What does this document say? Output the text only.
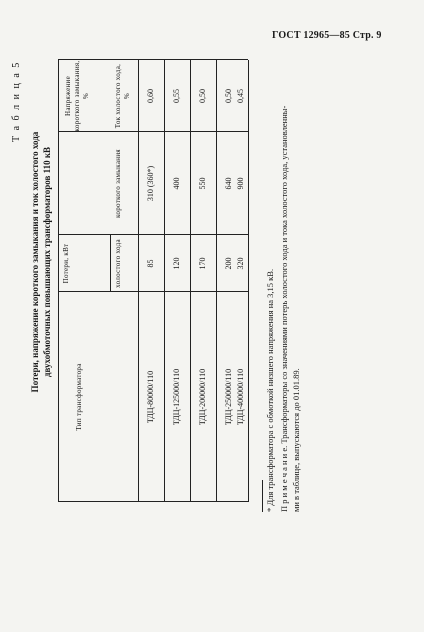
ГОСТ 12965—85 Стр. 9
Т а б л и ц а 5
Потери, напряжение короткого замыкания и ток холостого хода двухобмоточных повышающих трансформаторов 110 кВ
Тип трансформатора
Потери, кВт	холостого хода
короткого замыкания
Напряжение короткого замыкания, %	Ток холостого хода, %
ТДЦ-80000/110
85
310 (360*)
0,60
ТДЦ-125000/110
120
400
0,55
ТДЦ-200000/110
170
550
0,50
ТДЦ-250000/110
200
640
0,50
ТДЦ-400000/110
320
900
0,45
* Для трансформатора с обмоткой низшего напряжения на 3,15 кВ. П р и м е ч а н и е. Трансформаторы со значениями потерь холостого хода и тока холостого хода, установленны- ми в таблице, выпускаются до 01.01.89.
